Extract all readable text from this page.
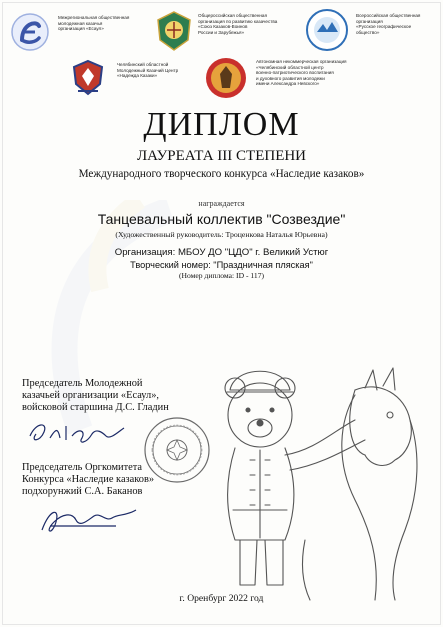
Межрегиональная общественная
молодежная казачья
организация «Есаул»
Общероссийская общественная
организация по развитию казачества
«Союз Казаков-Воинов
России и Зарубежья»
Всероссийская общественная
организация
«Русское географическое
общество»
Челябинский областной
Молодежный Казачий Центр
«Надежда Казаки»
Автономная некоммерческая организация
«Челябинский областной центр
военно-патриотического воспитания
и духовного развития молодежи
имени Александра Невского»
ДИПЛОМ
ЛАУРЕАТА III СТЕПЕНИ
Международного творческого конкурса «Наследие казаков»
награждается
Танцевальный коллектив "Созвездие"
(Художественный руководитель: Троценкова Наталья Юрьевна)
Организация: МБОУ ДО "ЦДО" г. Великий Устюг
Творческий номер: "Праздничная пляская"
(Номер диплома: ID - 117)
Председатель Молодежной
казачьей организации «Есаул»,
войсковой старшина Д.С. Гладин
Председатель Оргкомитета
Конкурса «Наследие казаков»
подхорунжий С.А. Баканов
г. Оренбург 2022 год
